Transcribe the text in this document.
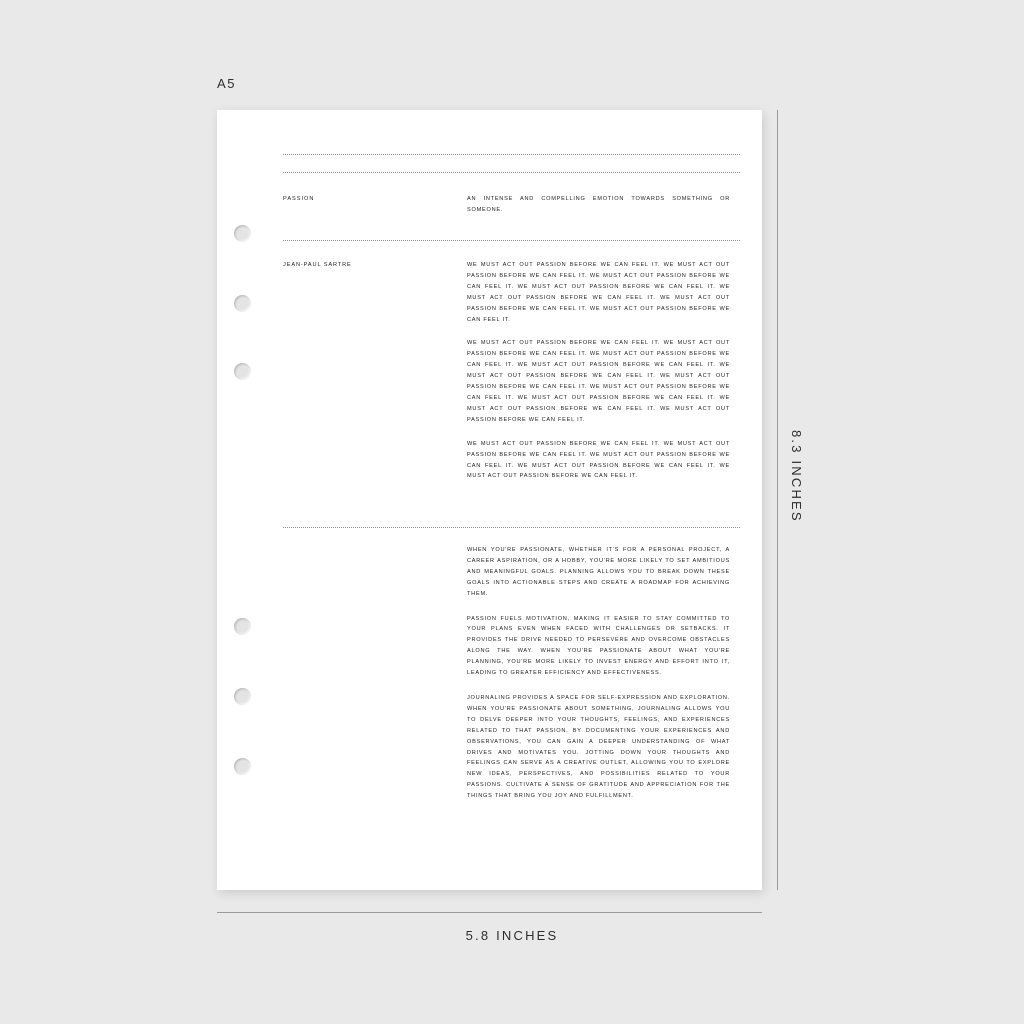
A5
5.8 INCHES
8.3 INCHES
PASSION	AN INTENSE AND COMPELLING EMOTION TOWARDS SOMETHING OR SOMEONE.
JEAN-PAUL SARTRE	WE MUST ACT OUT PASSION BEFORE WE CAN FEEL IT. WE MUST ACT OUT PASSION BEFORE WE CAN FEEL IT. WE MUST ACT OUT PASSION BEFORE WE CAN FEEL IT. WE MUST ACT OUT PASSION BEFORE WE CAN FEEL IT. WE MUST ACT OUT PASSION BEFORE WE CAN FEEL IT. WE MUST ACT OUT PASSION BEFORE WE CAN FEEL IT. WE MUST ACT OUT PASSION BEFORE WE CAN FEEL IT.

WE MUST ACT OUT PASSION BEFORE WE CAN FEEL IT. WE MUST ACT OUT PASSION BEFORE WE CAN FEEL IT. WE MUST ACT OUT PASSION BEFORE WE CAN FEEL IT. WE MUST ACT OUT PASSION BEFORE WE CAN FEEL IT. WE MUST ACT OUT PASSION BEFORE WE CAN FEEL IT. WE MUST ACT OUT PASSION BEFORE WE CAN FEEL IT. WE MUST ACT OUT PASSION BEFORE WE CAN FEEL IT. WE MUST ACT OUT PASSION BEFORE WE CAN FEEL IT. WE MUST ACT OUT PASSION BEFORE WE CAN FEEL IT. WE MUST ACT OUT PASSION BEFORE WE CAN FEEL IT.

WE MUST ACT OUT PASSION BEFORE WE CAN FEEL IT. WE MUST ACT OUT PASSION BEFORE WE CAN FEEL IT. WE MUST ACT OUT PASSION BEFORE WE CAN FEEL IT. WE MUST ACT OUT PASSION BEFORE WE CAN FEEL IT. WE MUST ACT OUT PASSION BEFORE WE CAN FEEL IT.

WHEN YOU'RE PASSIONATE, WHETHER IT'S FOR A PERSONAL PROJECT, A CAREER ASPIRATION, OR A HOBBY, YOU'RE MORE LIKELY TO SET AMBITIOUS AND MEANINGFUL GOALS. PLANNING ALLOWS YOU TO BREAK DOWN THESE GOALS INTO ACTIONABLE STEPS AND CREATE A ROADMAP FOR ACHIEVING THEM.

PASSION FUELS MOTIVATION, MAKING IT EASIER TO STAY COMMITTED TO YOUR PLANS EVEN WHEN FACED WITH CHALLENGES OR SETBACKS. IT PROVIDES THE DRIVE NEEDED TO PERSEVERE AND OVERCOME OBSTACLES ALONG THE WAY. WHEN YOU'RE PASSIONATE ABOUT WHAT YOU'RE PLANNING, YOU'RE MORE LIKELY TO INVEST ENERGY AND EFFORT INTO IT, LEADING TO GREATER EFFICIENCY AND EFFECTIVENESS.

JOURNALING PROVIDES A SPACE FOR SELF-EXPRESSION AND EXPLORATION. WHEN YOU'RE PASSIONATE ABOUT SOMETHING, JOURNALING ALLOWS YOU TO DELVE DEEPER INTO YOUR THOUGHTS, FEELINGS, AND EXPERIENCES RELATED TO THAT PASSION. BY DOCUMENTING YOUR EXPERIENCES AND OBSERVATIONS, YOU CAN GAIN A DEEPER UNDERSTANDING OF WHAT DRIVES AND MOTIVATES YOU. JOTTING DOWN YOUR THOUGHTS AND FEELINGS CAN SERVE AS A CREATIVE OUTLET, ALLOWING YOU TO EXPLORE NEW IDEAS, PERSPECTIVES, AND POSSIBILITIES RELATED TO YOUR PASSIONS. CULTIVATE A SENSE OF GRATITUDE AND APPRECIATION FOR THE THINGS THAT BRING YOU JOY AND FULFILLMENT.
